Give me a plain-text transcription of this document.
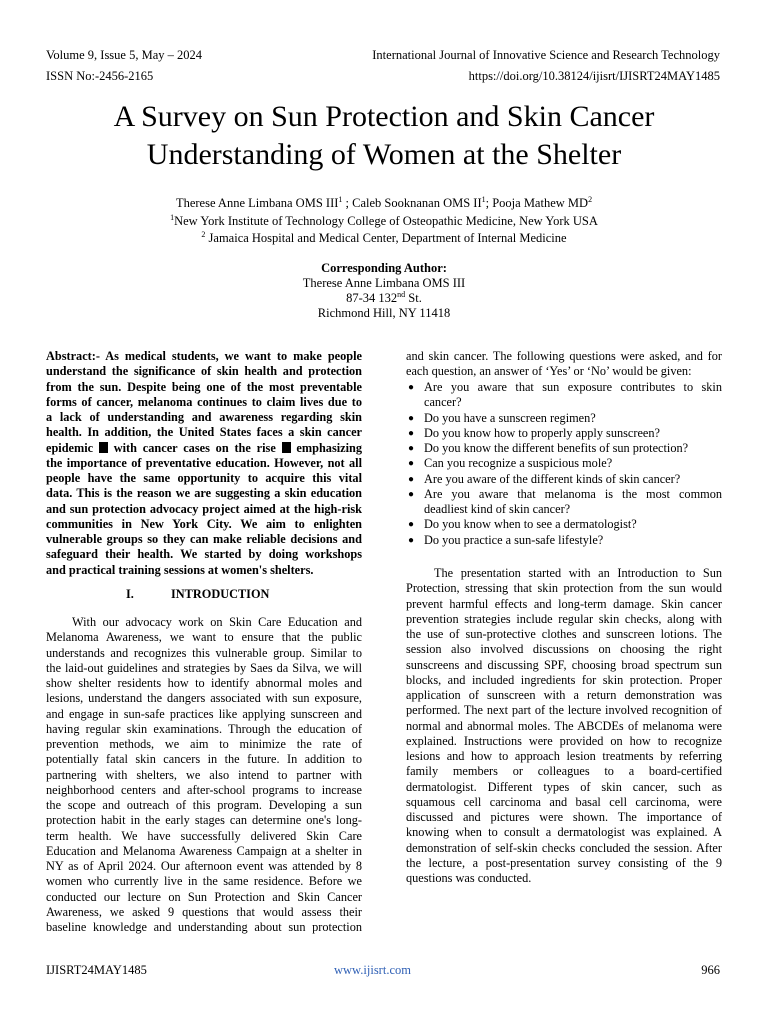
Volume 9, Issue 5, May – 2024
ISSN No:-2456-2165
International Journal of Innovative Science and Research Technology
https://doi.org/10.38124/ijisrt/IJISRT24MAY1485
A Survey on Sun Protection and Skin Cancer
Understanding of Women at the Shelter
Therese Anne Limbana OMS III$^1$ ; Caleb Sooknanan OMS $II^1$; Pooja Mathew $MD^2$
$^1$New York Institute of Technology College of Osteopathic Medicine, New York USA
$^2$ Jamaica Hospital and Medical Center, Department of Internal Medicine
Corresponding Author:
Therese Anne Limbana OMS III
87-34 132nd St.
Richmond Hill, NY 11418
Abstract:- As medical students, we want to make people
understand the significance of skin health and protection
from the sun. Despite being one of the most preventable
forms of cancer, melanoma continues to claim lives due to
a lack of understanding and awareness regarding skin
health. In addition, the United States faces a skin cancer
epidemic  with cancer cases on the rise  emphasizing
the importance of preventative education. However, not all
people have the same opportunity to acquire this vital
data. This is the reason we are suggesting a skin education
and sun protection advocacy project aimed at the high-risk
communities in New York City. We aim to enlighten
vulnerable groups so they can make reliable decisions and
safeguard their health. We started by doing workshops
and practical training sessions at women's shelters.
I.	INTRODUCTION
With our advocacy work on Skin Care Education and
Melanoma Awareness, we want to ensure that the public
understands and recognizes this vulnerable group. Similar to
the laid-out guidelines and strategies by Saes da Silva, we will
show shelter residents how to identify abnormal moles and
lesions, understand the dangers associated with sun exposure,
and engage in sun-safe practices like applying sunscreen and
having regular skin examinations. Through the education of
prevention methods, we aim to minimize the rate of
potentially fatal skin cancers in the future. In addition to
partnering with shelters, we also intend to partner with
neighborhood centers and after-school programs to increase
the scope and outreach of this program. Developing a sun
protection habit in the early stages can determine one's long-
term health. We have successfully delivered Skin Care
Education and Melanoma Awareness Campaign at a shelter in
NY as of April 2024. Our afternoon event was attended by 8
women who currently live in the same residence. Before we
conducted our lecture on Sun Protection and Skin Cancer
Awareness, we asked 9 questions that would assess their
baseline knowledge and understanding about sun protection
and skin cancer. The following questions were asked, and for
each question, an answer of ‘Yes’ or ‘No’ would be given:
● Are you aware that sun exposure contributes to skin
cancer?
● Do you have a sunscreen regimen?
● Do you know how to properly apply sunscreen?
● Do you know the different benefits of sun protection?
● Can you recognize a suspicious mole?
● Are you aware of the different kinds of skin cancer?
● Are you aware that melanoma is the most common
deadliest kind of skin cancer?
● Do you know when to see a dermatologist?
● Do you practice a sun-safe lifestyle?
The presentation started with an Introduction to Sun
Protection, stressing that skin protection from the sun would
prevent harmful effects and long-term damage. Skin cancer
prevention strategies include regular skin checks, along with
the use of sun-protective clothes and sunscreen lotions. The
session also involved discussions on choosing the right
sunscreens and discussing SPF, choosing broad spectrum sun
blocks, and included ingredients for skin protection. Proper
application of sunscreen with a return demonstration was
performed. The next part of the lecture involved recognition of
normal and abnormal moles. The ABCDEs of melanoma were
explained. Instructions were provided on how to recognize
lesions and how to approach lesion treatments by referring
family members or colleagues to a board-certified
dermatologist. Different types of skin cancer, such as
squamous cell carcinoma and basal cell carcinoma, were
discussed and pictures were shown. The importance of
knowing when to consult a dermatologist was explained. A
demonstration of self-skin checks concluded the session. After
the lecture, a post-presentation survey consisting of the 9
questions was conducted.
IJISRT24MAY1485	www.ijisrt.com	966
